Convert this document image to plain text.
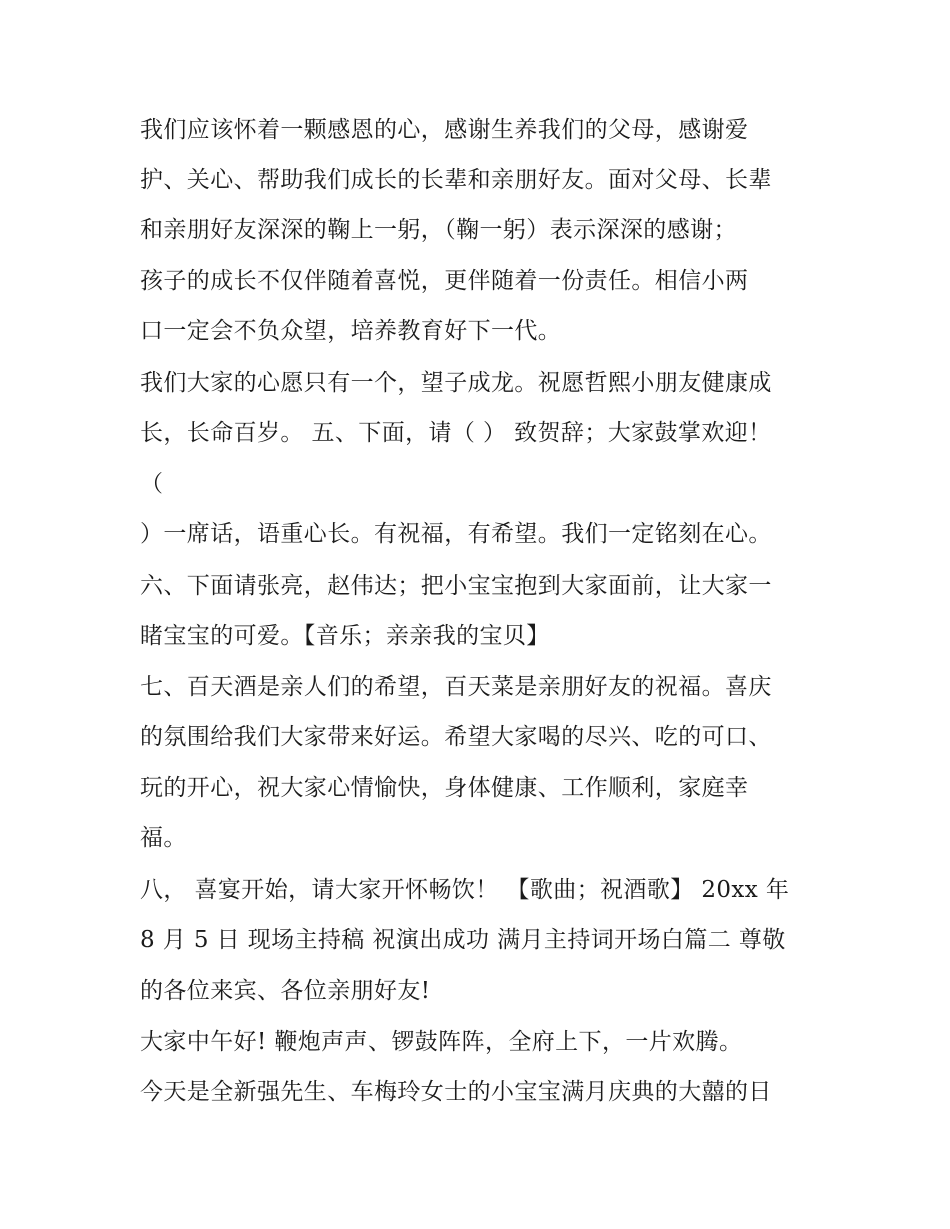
我们应该怀着一颗感恩的心，感谢生养我们的父母，感谢爱
护、关心、帮助我们成长的长辈和亲朋好友。面对父母、长辈
和亲朋好友深深的鞠上一躬，（鞠一躬）表示深深的感谢；
孩子的成长不仅伴随着喜悦，更伴随着一份责任。相信小两
口一定会不负众望，培养教育好下一代。
我们大家的心愿只有一个，望子成龙。祝愿哲熙小朋友健康成
长，长命百岁。 五、下面，请（ ） 致贺辞；大家鼓掌欢迎！
（
）一席话，语重心长。有祝福，有希望。我们一定铭刻在心。
六、下面请张亮，赵伟达；把小宝宝抱到大家面前，让大家一
睹宝宝的可爱。【音乐；亲亲我的宝贝】
七、百天酒是亲人们的希望，百天菜是亲朋好友的祝福。喜庆
的氛围给我们大家带来好运。希望大家喝的尽兴、吃的可口、
玩的开心，祝大家心情愉快，身体健康、工作顺利，家庭幸
福。
八， 喜宴开始，请大家开怀畅饮！ 【歌曲；祝酒歌】 20xx 年
8 月 5 日 现场主持稿 祝演出成功 满月主持词开场白篇二 尊敬
的各位来宾、各位亲朋好友!
大家中午好! 鞭炮声声、锣鼓阵阵，全府上下，一片欢腾。
今天是全新强先生、车梅玲女士的小宝宝满月庆典的大囍的日
